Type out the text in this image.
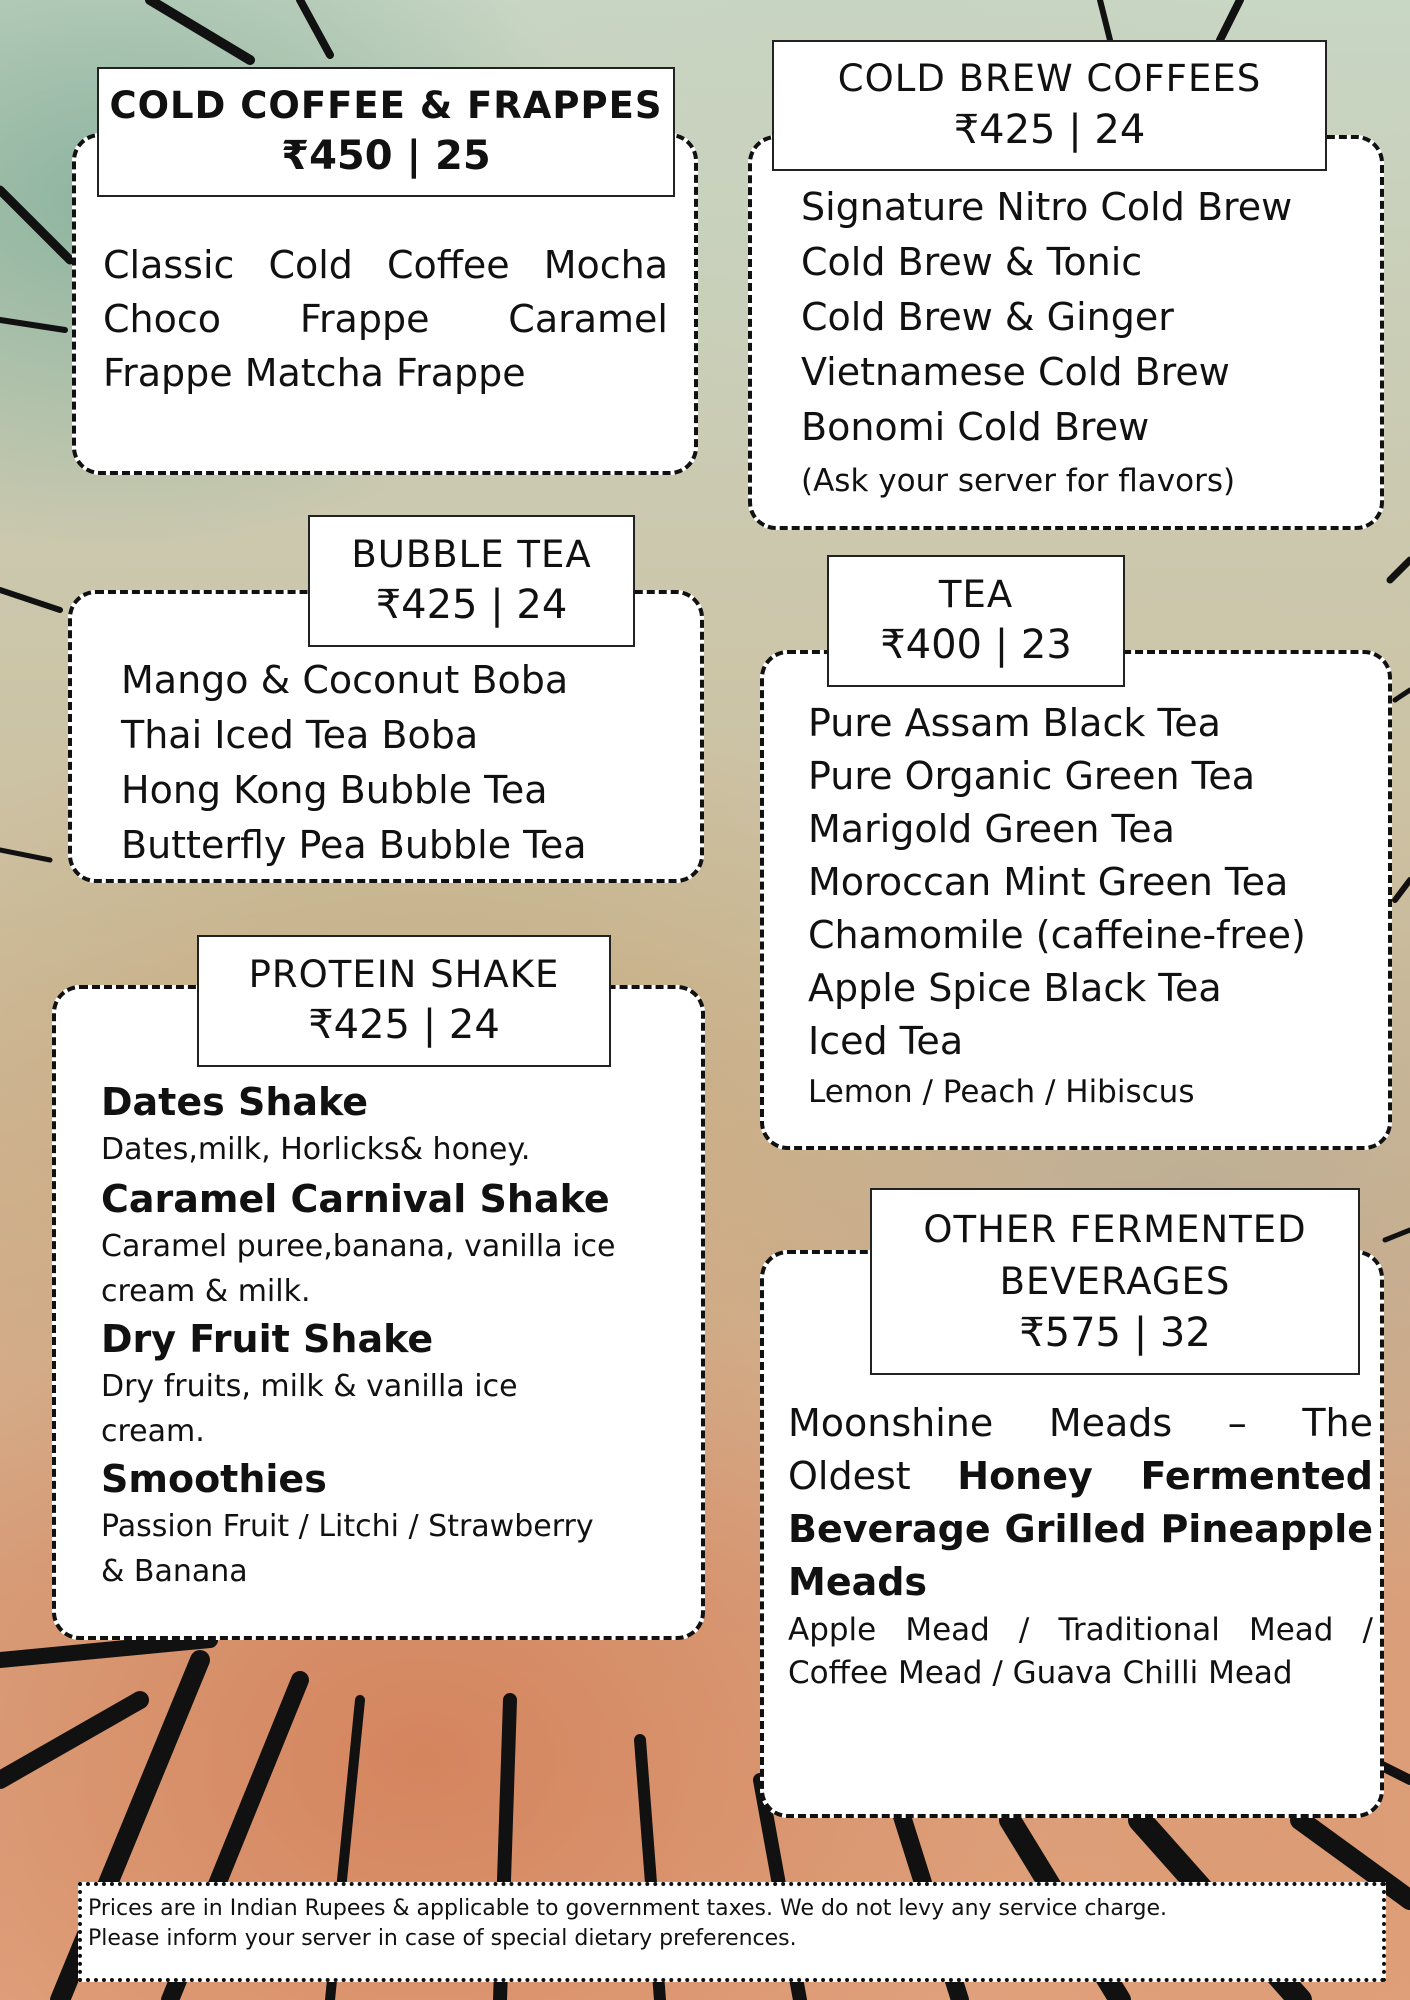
COLD COFFEE & FRAPPES
₹450 | 25
Classic Cold Coffee Mocha Choco Frappe Caramel Frappe Matcha Frappe
COLD BREW COFFEES
₹425 | 24
Signature Nitro Cold Brew
Cold Brew & Tonic
Cold Brew & Ginger
Vietnamese Cold Brew
Bonomi Cold Brew
(Ask your server for flavors)
BUBBLE TEA
₹425 | 24
Mango & Coconut Boba
Thai Iced Tea Boba
Hong Kong Bubble Tea
Butterfly Pea Bubble Tea
TEA
₹400 | 23
Pure Assam Black Tea
Pure Organic Green Tea
Marigold Green Tea
Moroccan Mint Green Tea
Chamomile (caffeine-free)
Apple Spice Black Tea
Iced Tea
Lemon / Peach / Hibiscus
PROTEIN SHAKE
₹425 | 24
Dates Shake
Dates,milk, Horlicks& honey.
Caramel Carnival Shake
Caramel puree,banana, vanilla ice cream & milk.
Dry Fruit Shake
Dry fruits, milk & vanilla ice cream.
Smoothies
Passion Fruit / Litchi / Strawberry & Banana
OTHER FERMENTED BEVERAGES
₹575 | 32
Moonshine Meads – The Oldest Honey Fermented Beverage Grilled Pineapple Meads
Apple Mead / Traditional Mead / Coffee Mead / Guava Chilli Mead
Prices are in Indian Rupees & applicable to government taxes. We do not levy any service charge.
Please inform your server in case of special dietary preferences.
